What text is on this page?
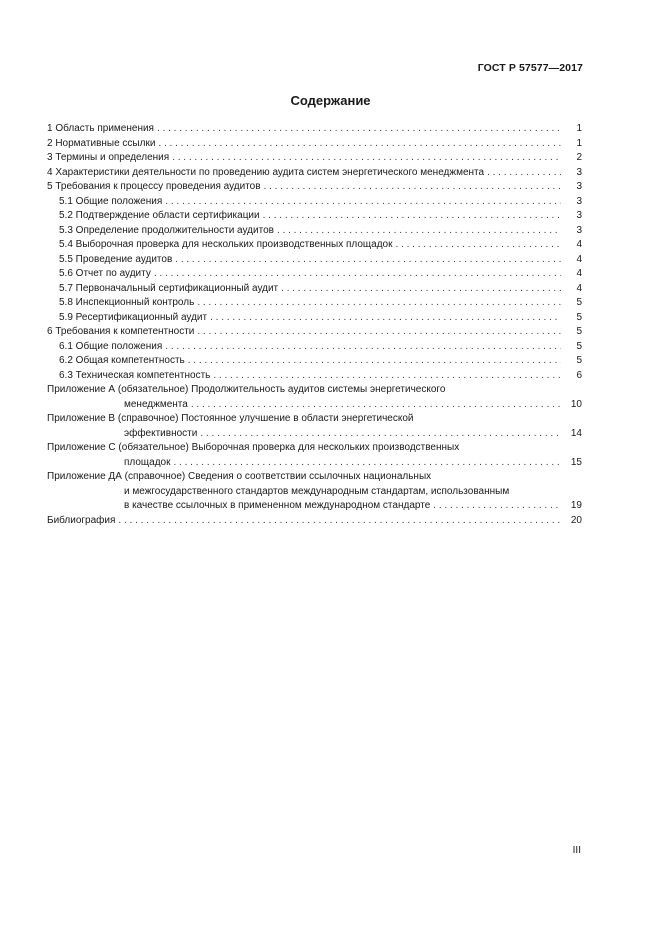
ГОСТ Р 57577—2017
Содержание
1 Область применения . . .	1
2 Нормативные ссылки . . .	1
3 Термины и определения . . .	2
4 Характеристики деятельности по проведению аудита систем энергетического менеджмента . . .	3
5 Требования к процессу проведения аудитов . . .	3
5.1 Общие положения . . .	3
5.2 Подтверждение области сертификации . . .	3
5.3 Определение продолжительности аудитов . . .	3
5.4 Выборочная проверка для нескольких производственных площадок . . .	4
5.5 Проведение аудитов . . .	4
5.6 Отчет по аудиту . . .	4
5.7 Первоначальный сертификационный аудит . . .	4
5.8 Инспекционный контроль . . .	5
5.9 Ресертификационный аудит . . .	5
6 Требования к компетентности . . .	5
6.1 Общие положения . . .	5
6.2 Общая компетентность . . .	5
6.3 Техническая компетентность . . .	6
Приложение А (обязательное) Продолжительность аудитов системы энергетического
менеджмента . . .	10
Приложение В (справочное) Постоянное улучшение в области энергетической
эффективности . . .	14
Приложение С (обязательное) Выборочная проверка для нескольких производственных
площадок . . .	15
Приложение ДА (справочное) Сведения о соответствии ссылочных национальных
и межгосударственного стандартов международным стандартам, использованным
в качестве ссылочных в примененном международном стандарте . . .	19
Библиография . . .	20
III
